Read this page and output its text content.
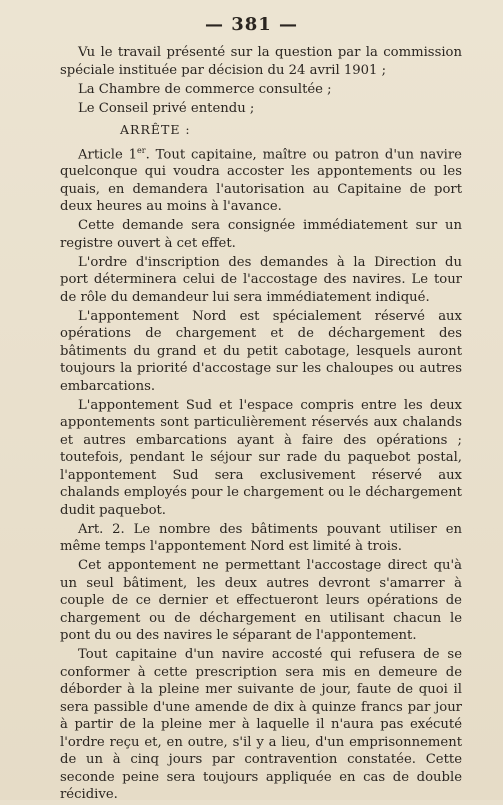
— 381 —

Vu le travail présenté sur la question par la commission spéciale instituée par décision du 24 avril 1901 ;

La Chambre de commerce consultée ;

Le Conseil privé entendu ;

ARRÊTE :

Article 1er. Tout capitaine, maître ou patron d'un navire quelconque qui voudra accoster les appontements ou les quais, en demandera l'autorisation au Capitaine de port deux heures au moins à l'avance.

Cette demande sera consignée immédiatement sur un registre ouvert à cet effet.

L'ordre d'inscription des demandes à la Direction du port déterminera celui de l'accostage des navires. Le tour de rôle du demandeur lui sera immédiatement indiqué.

L'appontement Nord est spécialement réservé aux opérations de chargement et de déchargement des bâtiments du grand et du petit cabotage, lesquels auront toujours la priorité d'accostage sur les chaloupes ou autres embarcations.

L'appontement Sud et l'espace compris entre les deux appontements sont particulièrement réservés aux chalands et autres embarcations ayant à faire des opérations ; toutefois, pendant le séjour sur rade du paquebot postal, l'appontement Sud sera exclusivement réservé aux chalands employés pour le chargement ou le déchargement dudit paquebot.

Art. 2. Le nombre des bâtiments pouvant utiliser en même temps l'appontement Nord est limité à trois.

Cet appontement ne permettant l'accostage direct qu'à un seul bâtiment, les deux autres devront s'amarrer à couple de ce dernier et effectueront leurs opérations de chargement ou de déchargement en utilisant chacun le pont du ou des navires le séparant de l'appontement.

Tout capitaine d'un navire accosté qui refusera de se conformer à cette prescription sera mis en demeure de déborder à la pleine mer suivante de jour, faute de quoi il sera passible d'une amende de dix à quinze francs par jour à partir de la pleine mer à laquelle il n'aura pas exécuté l'ordre reçu et, en outre, s'il y a lieu, d'un emprisonnement de un à cinq jours par contravention constatée. Cette seconde peine sera toujours appliquée en cas de double récidive.
